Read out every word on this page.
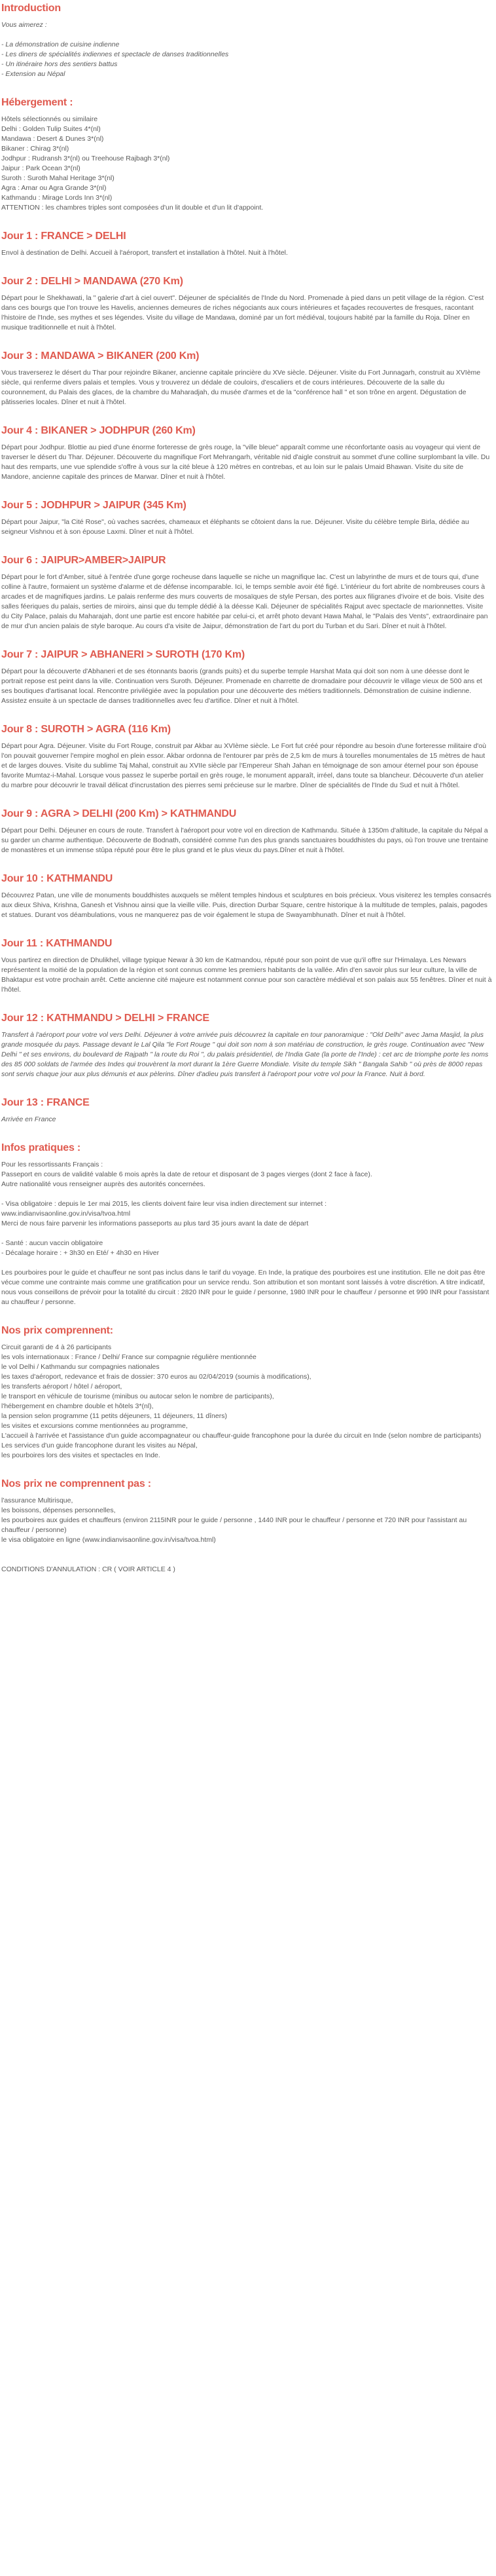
Introduction

Vous aimerez :

- La démonstration de cuisine indienne

- Les diners de spécialités indiennes et spectacle de danses traditionnelles

- Un itinéraire hors des sentiers battus

- Extension au Népal

Hébergement :

Hôtels sélectionnés ou similaire

Delhi : Golden Tulip Suites 4*(nl)

Mandawa : Desert & Dunes 3*(nl)

Bikaner : Chirag 3*(nl)

Jodhpur : Rudransh 3*(nl) ou Treehouse Rajbagh 3*(nl)

Jaipur : Park Ocean 3*(nl)

Suroth : Suroth Mahal Heritage 3*(nl)

Agra : Amar ou Agra Grande 3*(nl)

Kathmandu : Mirage Lords Inn 3*(nl)

ATTENTION : les chambres triples sont composées d'un lit double et d'un lit d'appoint.

Jour 1 : FRANCE > DELHI

Envol à destination de Delhi. Accueil à l'aéroport, transfert et installation à l'hôtel. Nuit à l'hôtel.

Jour 2 : DELHI > MANDAWA (270 Km)

Départ pour le Shekhawati, la " galerie d'art à ciel ouvert". Déjeuner de spécialités de l'Inde du Nord. Promenade à pied dans un petit village de la région. C'est dans ces bourgs que l'on trouve les Havelis, anciennes demeures de riches négociants aux cours intérieures et façades recouvertes de fresques, racontant l'histoire de l'Inde, ses mythes et ses légendes. Visite du village de Mandawa, dominé par un fort médiéval, toujours habité par la famille du Roja. Dîner en musique traditionnelle et nuit à l'hôtel.

Jour 3 : MANDAWA > BIKANER (200 Km)

Vous traverserez le désert du Thar pour rejoindre Bikaner, ancienne capitale princière du XVe siècle. Déjeuner. Visite du Fort Junnagarh, construit au XVIème siècle, qui renferme divers palais et temples. Vous y trouverez un dédale de couloirs, d'escaliers et de cours intérieures. Découverte de la salle du couronnement, du Palais des glaces, de la chambre du Maharadjah, du musée d'armes et de la "conférence hall " et son trône en argent. Dégustation de pâtisseries locales. Dîner et nuit à l'hôtel.

Jour 4 : BIKANER > JODHPUR (260 Km)

Départ pour Jodhpur. Blottie au pied d'une énorme forteresse de grès rouge, la "ville bleue" apparaît comme une réconfortante oasis au voyageur qui vient de traverser le désert du Thar. Déjeuner. Découverte du magnifique Fort Mehrangarh, véritable nid d'aigle construit au sommet d'une colline surplombant la ville. Du haut des remparts, une vue splendide s'offre à vous sur la cité bleue à 120 mètres en contrebas, et au loin sur le palais Umaid Bhawan. Visite du site de Mandore, ancienne capitale des princes de Marwar. Dîner et nuit à l'hôtel.

Jour 5 : JODHPUR > JAIPUR (345 Km)

Départ pour Jaipur, "la Cité Rose", où vaches sacrées, chameaux et éléphants se côtoient dans la rue. Déjeuner. Visite du célèbre temple Birla, dédiée au seigneur Vishnou et à son épouse Laxmi. Dîner et nuit à l'hôtel.

Jour 6 : JAIPUR>AMBER>JAIPUR

Départ pour le fort d'Amber, situé à l'entrée d'une gorge rocheuse dans laquelle se niche un magnifique lac. C'est un labyrinthe de murs et de tours qui, d'une colline à l'autre, formaient un système d'alarme et de défense incomparable. Ici, le temps semble avoir été figé. L'intérieur du fort abrite de nombreuses cours à arcades et de magnifiques jardins. Le palais renferme des murs couverts de mosaïques de style Persan, des portes aux filigranes d'ivoire et de bois. Visite des salles féeriques du palais, serties de miroirs, ainsi que du temple dédié à la déesse Kali. Déjeuner de spécialités Rajput avec spectacle de marionnettes. Visite du City Palace, palais du Maharajah, dont une partie est encore habitée par celui-ci, et arrêt photo devant Hawa Mahal, le "Palais des Vents", extraordinaire pan de mur d'un ancien palais de style baroque. Au cours d'a visite de Jaipur, démonstration de l'art du port du Turban et du Sari. Dîner et nuit à l'hôtel.

Jour 7 : JAIPUR > ABHANERI > SUROTH (170 Km)

Départ pour la découverte d'Abhaneri et de ses étonnants baoris (grands puits) et du superbe temple Harshat Mata qui doit son nom à une déesse dont le portrait repose est peint dans la ville. Continuation vers Suroth. Déjeuner. Promenade en charrette de dromadaire pour découvrir le village vieux de 500 ans et ses boutiques d'artisanat local. Rencontre privilégiée avec la population pour une découverte des métiers traditionnels. Démonstration de cuisine indienne. Assistez ensuite à un spectacle de danses traditionnelles avec feu d'artifice. Dîner et nuit à l'hôtel.

Jour 8 : SUROTH > AGRA (116 Km)

Départ pour Agra. Déjeuner. Visite du Fort Rouge, construit par Akbar au XVIème siècle. Le Fort fut créé pour répondre au besoin d'une forteresse militaire d'où l'on pouvait gouverner l'empire moghol en plein essor. Akbar ordonna de l'entourer par près de 2,5 km de murs à tourelles monumentales de 15 mètres de haut et de larges douves. Visite du sublime Taj Mahal, construit au XVIIe siècle par l'Empereur Shah Jahan en témoignage de son amour éternel pour son épouse favorite Mumtaz-i-Mahal. Lorsque vous passez le superbe portail en grès rouge, le monument apparaît, irréel, dans toute sa blancheur. Découverte d'un atelier du marbre pour découvrir le travail délicat d'incrustation des pierres semi précieuse sur le marbre. Dîner de spécialités de l'Inde du Sud et nuit à l'hôtel.

Jour 9 : AGRA > DELHI (200 Km) > KATHMANDU

Départ pour Delhi. Déjeuner en cours de route. Transfert à l'aéroport pour votre vol en direction de Kathmandu. Située à 1350m d'altitude, la capitale du Népal a su garder un charme authentique. Découverte de Bodnath, considéré comme l'un des plus grands sanctuaires bouddhistes du pays, où l'on trouve une trentaine de monastères et un immense stûpa réputé pour être le plus grand et le plus vieux du pays.Dîner et nuit à l'hôtel.

Jour 10 : KATHMANDU

Découvrez Patan, une ville de monuments bouddhistes auxquels se mêlent temples hindous et sculptures en bois précieux. Vous visiterez les temples consacrés aux dieux Shiva, Krishna, Ganesh et Vishnou ainsi que la vieille ville. Puis, direction Durbar Square, centre historique à la multitude de temples, palais, pagodes et statues. Durant vos déambulations, vous ne manquerez pas de voir également le stupa de Swayambhunath. Dîner et nuit à l'hôtel.

Jour 11 : KATHMANDU

Vous partirez en direction de Dhulikhel, village typique Newar à 30 km de Katmandou, réputé pour son point de vue qu'il offre sur l'Himalaya. Les Newars représentent la moitié de la population de la région et sont connus comme les premiers habitants de la vallée. Afin d'en savoir plus sur leur culture, la ville de Bhaktapur est votre prochain arrêt. Cette ancienne cité majeure est notamment connue pour son caractère médiéval et son palais aux 55 fenêtres. Dîner et nuit à l'hôtel.

Jour 12 : KATHMANDU > DELHI > FRANCE

Transfert à l'aéroport pour votre vol vers Delhi. Déjeuner à votre arrivée puis découvrez la capitale en tour panoramique : "Old Delhi" avec Jama Masjid, la plus grande mosquée du pays. Passage devant le Lal Qila "le Fort Rouge " qui doit son nom à son matériau de construction, le grès rouge. Continuation avec "New Delhi " et ses environs, du boulevard de Rajpath " la route du Roi ", du palais présidentiel, de l'India Gate (la porte de l'Inde) : cet arc de triomphe porte les noms des 85 000 soldats de l'armée des Indes qui trouvèrent la mort durant la 1ère Guerre Mondiale. Visite du temple Sikh " Bangala Sahib " où près de 8000 repas sont servis chaque jour aux plus démunis et aux pèlerins. Dîner d'adieu puis transfert à l'aéroport pour votre vol pour la France. Nuit à bord.

Jour 13 : FRANCE

Arrivée en France

Infos pratiques :

Pour les ressortissants Français :

Passeport en cours de validité valable 6 mois après la date de retour et disposant de 3 pages vierges (dont 2 face à face).

Autre nationalité vous renseigner auprès des autorités concernées.

- Visa obligatoire : depuis le 1er mai 2015, les clients doivent faire leur visa indien directement sur internet :

www.indianvisaonline.gov.in/visa/tvoa.html

Merci de nous faire parvenir les informations passeports au plus tard 35 jours avant la date de départ

- Santé : aucun vaccin obligatoire

- Décalage horaire : + 3h30 en Eté/ + 4h30 en Hiver

Les pourboires pour le guide et chauffeur ne sont pas inclus dans le tarif du voyage. En Inde, la pratique des pourboires est une institution. Elle ne doit pas être vécue comme une contrainte mais comme une gratification pour un service rendu. Son attribution et son montant sont laissés à votre discrétion. A titre indicatif, nous vous conseillons de prévoir pour la totalité du circuit : 2820 INR pour le guide / personne, 1980 INR pour le chauffeur / personne et 990 INR pour l'assistant au chauffeur / personne.

Nos prix comprennent:

Circuit garanti de 4 à 26 participants

les vols internationaux : France / Delhi/ France sur compagnie régulière mentionnée

le vol Delhi / Kathmandu sur compagnies nationales

les taxes d'aéroport, redevance et frais de dossier: 370 euros au 02/04/2019 (soumis à modifications),

les transferts aéroport / hôtel / aéroport,

le transport en véhicule de tourisme (minibus ou autocar selon le nombre de participants),

l'hébergement en chambre double et hôtels 3*(nl),

la pension selon programme (11 petits déjeuners, 11 déjeuners, 11 dîners)

les visites et excursions comme mentionnées au programme,

L'accueil à l'arrivée et l'assistance d'un guide accompagnateur ou chauffeur-guide francophone pour la durée du circuit en Inde (selon nombre de participants)

Les services d'un guide francophone durant les visites au Népal,

les pourboires lors des visites et spectacles en Inde.

Nos prix ne comprennent pas :

l'assurance Multirisque,

les boissons, dépenses personnelles,

les pourboires aux guides et chauffeurs (environ 2115INR pour le guide / personne , 1440 INR pour le chauffeur / personne et 720 INR pour l'assistant au chauffeur / personne)

le visa obligatoire en ligne (www.indianvisaonline.gov.in/visa/tvoa.html)

CONDITIONS D'ANNULATION : CR ( VOIR ARTICLE 4 )
